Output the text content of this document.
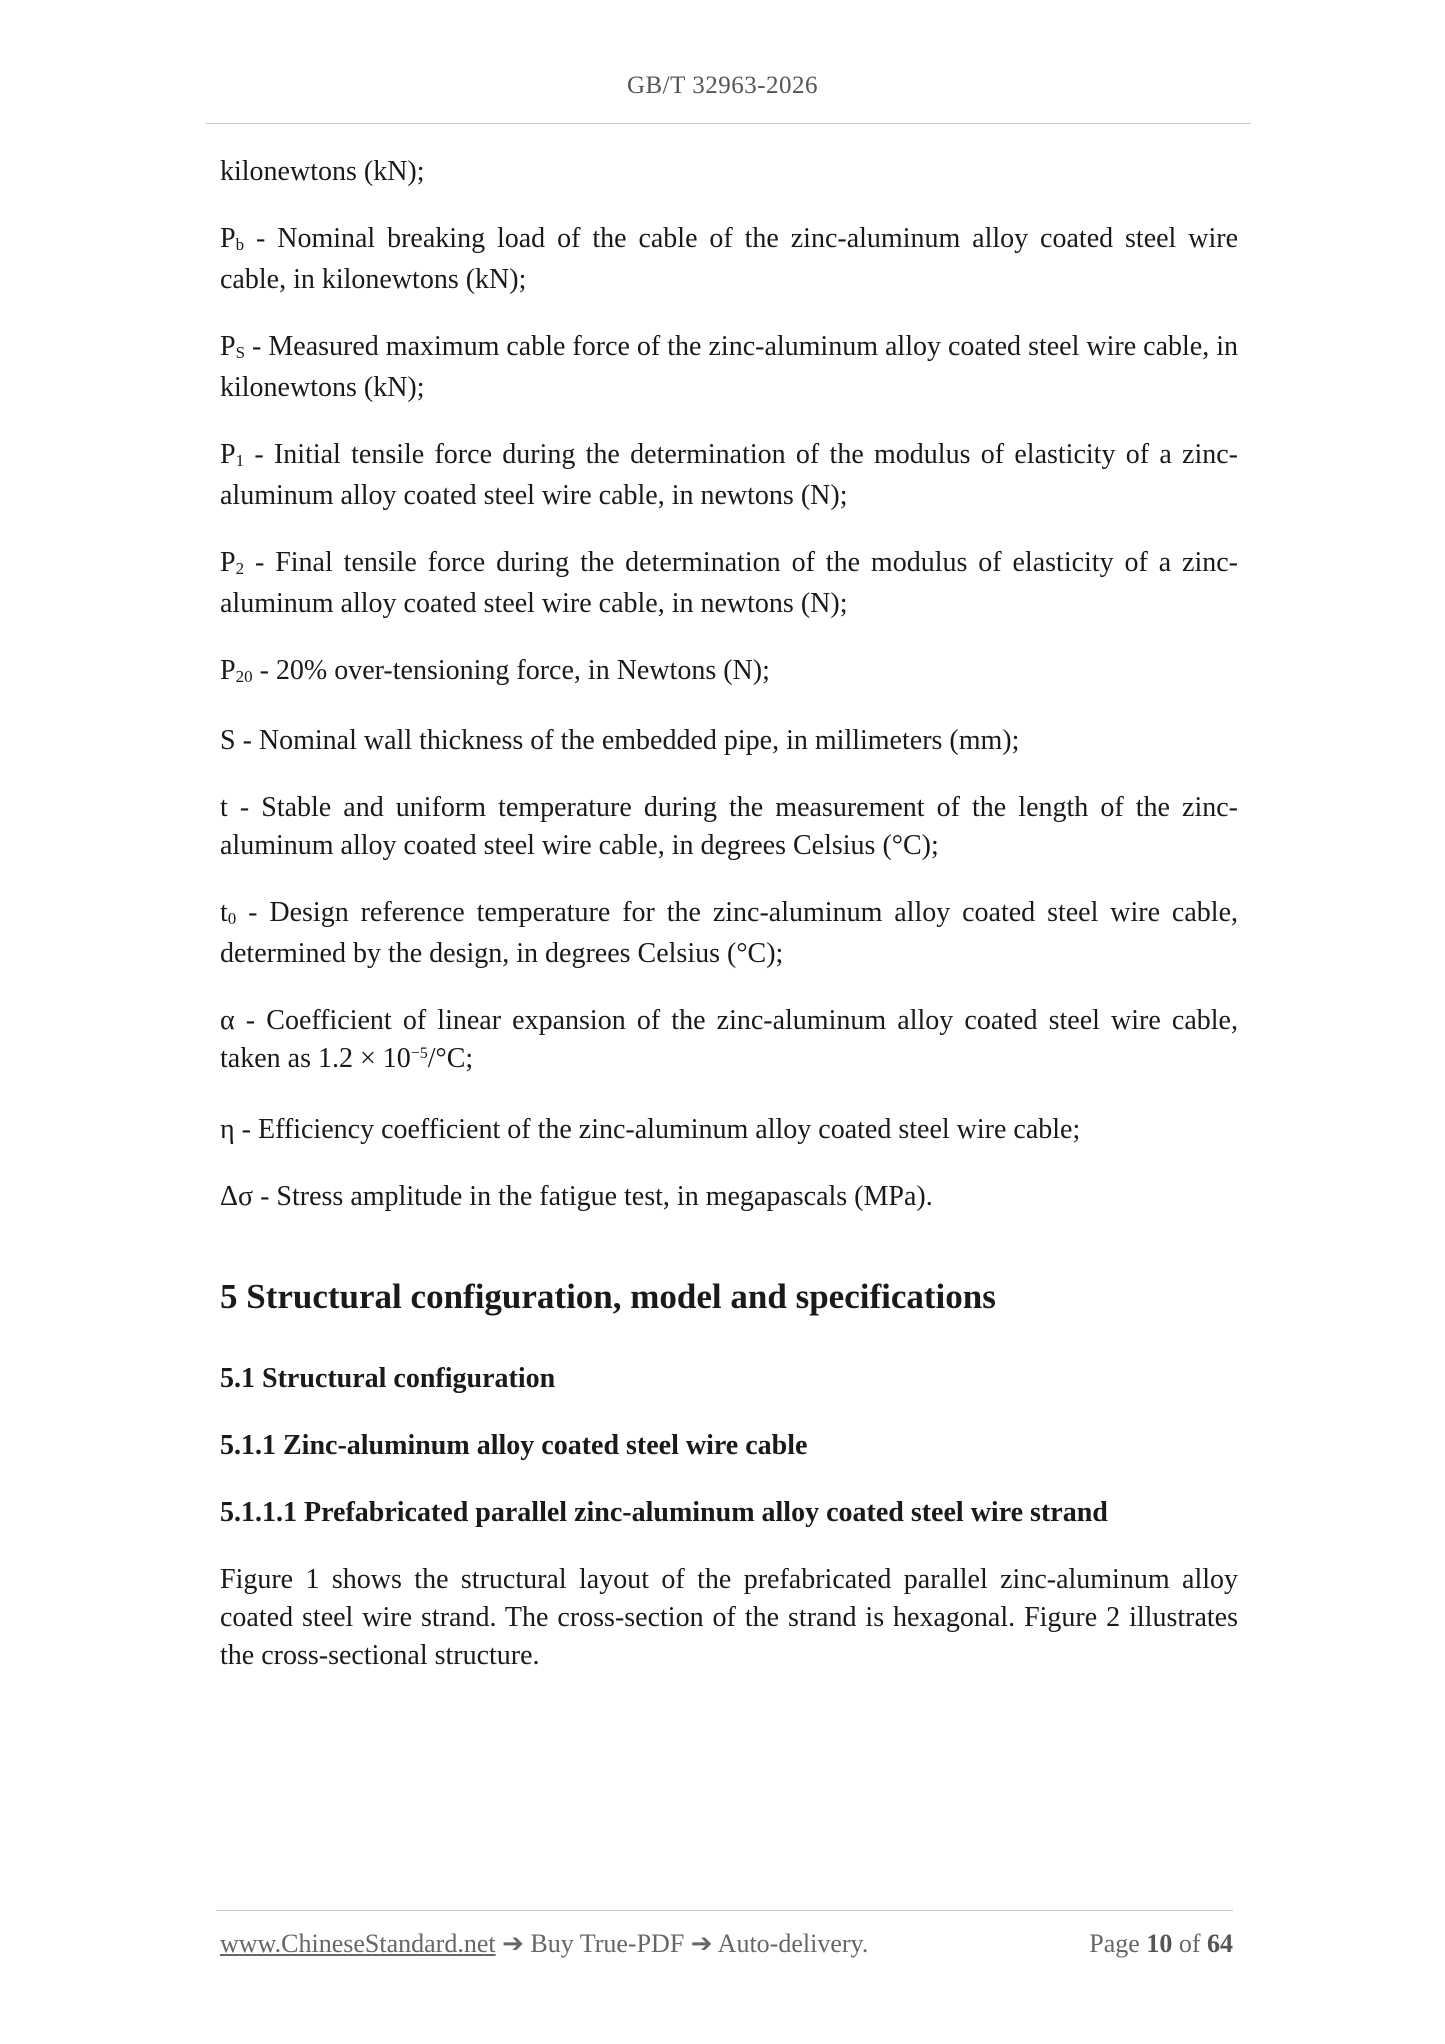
GB/T 32963-2026

kilonewtons (kN);

Pb - Nominal breaking load of the cable of the zinc-aluminum alloy coated steel wire cable, in kilonewtons (kN);

PS - Measured maximum cable force of the zinc-aluminum alloy coated steel wire cable, in kilonewtons (kN);

P1 - Initial tensile force during the determination of the modulus of elasticity of a zinc-aluminum alloy coated steel wire cable, in newtons (N);

P2 - Final tensile force during the determination of the modulus of elasticity of a zinc-aluminum alloy coated steel wire cable, in newtons (N);

P20 - 20% over-tensioning force, in Newtons (N);

S - Nominal wall thickness of the embedded pipe, in millimeters (mm);

t - Stable and uniform temperature during the measurement of the length of the zinc-aluminum alloy coated steel wire cable, in degrees Celsius (°C);

t0 - Design reference temperature for the zinc-aluminum alloy coated steel wire cable, determined by the design, in degrees Celsius (°C);

α - Coefficient of linear expansion of the zinc-aluminum alloy coated steel wire cable, taken as $1.2 \times 10^{-5}/^\circ C$;

η - Efficiency coefficient of the zinc-aluminum alloy coated steel wire cable;

Δσ - Stress amplitude in the fatigue test, in megapascals (MPa).

5 Structural configuration, model and specifications
5.1 Structural configuration
5.1.1 Zinc-aluminum alloy coated steel wire cable
5.1.1.1 Prefabricated parallel zinc-aluminum alloy coated steel wire strand

Figure 1 shows the structural layout of the prefabricated parallel zinc-aluminum alloy coated steel wire strand. The cross-section of the strand is hexagonal. Figure 2 illustrates the cross-sectional structure.

www.ChineseStandard.net ➔ Buy True-PDF ➔ Auto-delivery.	Page 10 of 64
